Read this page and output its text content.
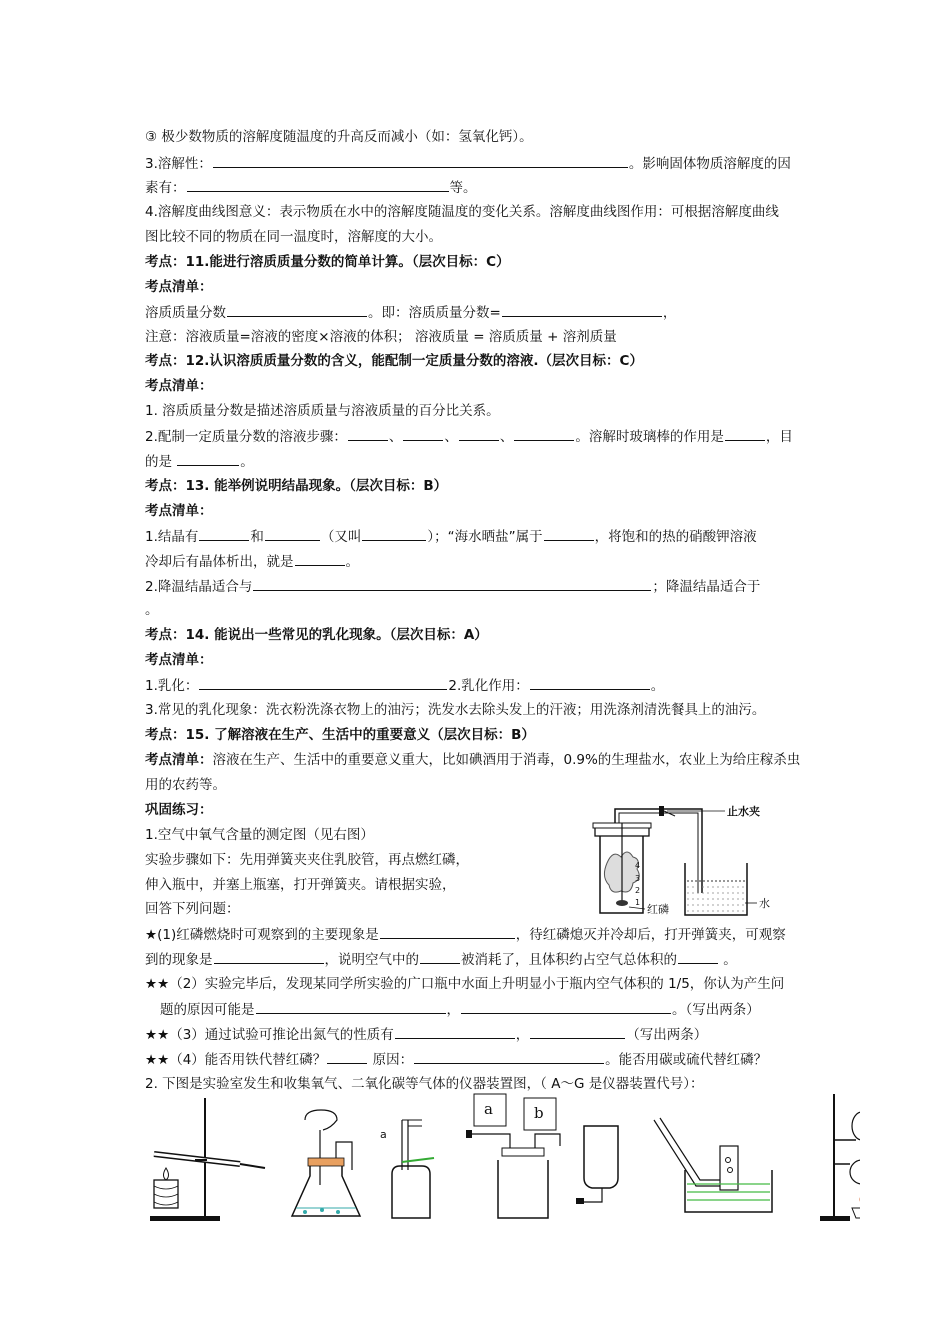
③ 极少数物质的溶解度随温度的升高反而减小（如：氢氧化钙）。
3.溶解性：	。影响固体物质溶解度的因
素有：	等。
4.溶解度曲线图意义：表示物质在水中的溶解度随温度的变化关系。溶解度曲线图作用：可根据溶解度曲线
图比较不同的物质在同一温度时，溶解度的大小。
考点：11.能进行溶质质量分数的简单计算。（层次目标：C）
考点清单：
溶质质量分数	。即：溶质质量分数=	，
注意：溶液质量=溶液的密度×溶液的体积； 溶液质量 = 溶质质量 + 溶剂质量
考点：12.认识溶质质量分数的含义，能配制一定质量分数的溶液.（层次目标：C）
考点清单：
1. 溶质质量分数是描述溶质质量与溶液质量的百分比关系。
2.配制一定质量分数的溶液步骤：	、	、	、	。溶解时玻璃棒的作用是	，目
的是	。
考点：13. 能举例说明结晶现象。（层次目标：B）
考点清单：
1.结晶有	和	（又叫	）；“海水晒盐”属于	，将饱和的热的硝酸钾溶液
冷却后有晶体析出，就是	。
2.降温结晶适合与	；降温结晶适合于
。
考点：14. 能说出一些常见的乳化现象。（层次目标：A）
考点清单：
1.乳化：	2.乳化作用：	。
3.常见的乳化现象：洗衣粉洗涤衣物上的油污；洗发水去除头发上的汗液；用洗涤剂清洗餐具上的油污。
考点：15. 了解溶液在生产、生活中的重要意义（层次目标：B）
考点清单：溶液在生产、生活中的重要意义重大，比如碘酒用于消毒，0.9%的生理盐水，农业上为给庄稼杀虫
用的农药等。
巩固练习：
1.空气中氧气含量的测定图（见右图）
实验步骤如下：先用弹簧夹夹住乳胶管，再点燃红磷，
伸入瓶中，并塞上瓶塞，打开弹簧夹。请根据实验，
回答下列问题：
★(1)红磷燃烧时可观察到的主要现象是	，待红磷熄灭并冷却后，打开弹簧夹，可观察
到的现象是	，说明空气中的	被消耗了，且体积约占空气总体积的	。
★★（2）实验完毕后，发现某同学所实验的广口瓶中水面上升明显小于瓶内空气体积的 1/5，你认为产生问
题的原因可能是	，	。（写出两条）
★★（3）通过试验可推论出氮气的性质有	，	（写出两条）
★★（4）能否用铁代替红磷？	原因：	。能否用碳或硫代替红磷？
2. 下图是实验室发生和收集氧气、二氧化碳等气体的仪器装置图，（ A～G 是仪器装置代号）：
4
3
2
1
止水夹
水
红磷
a
a	b
